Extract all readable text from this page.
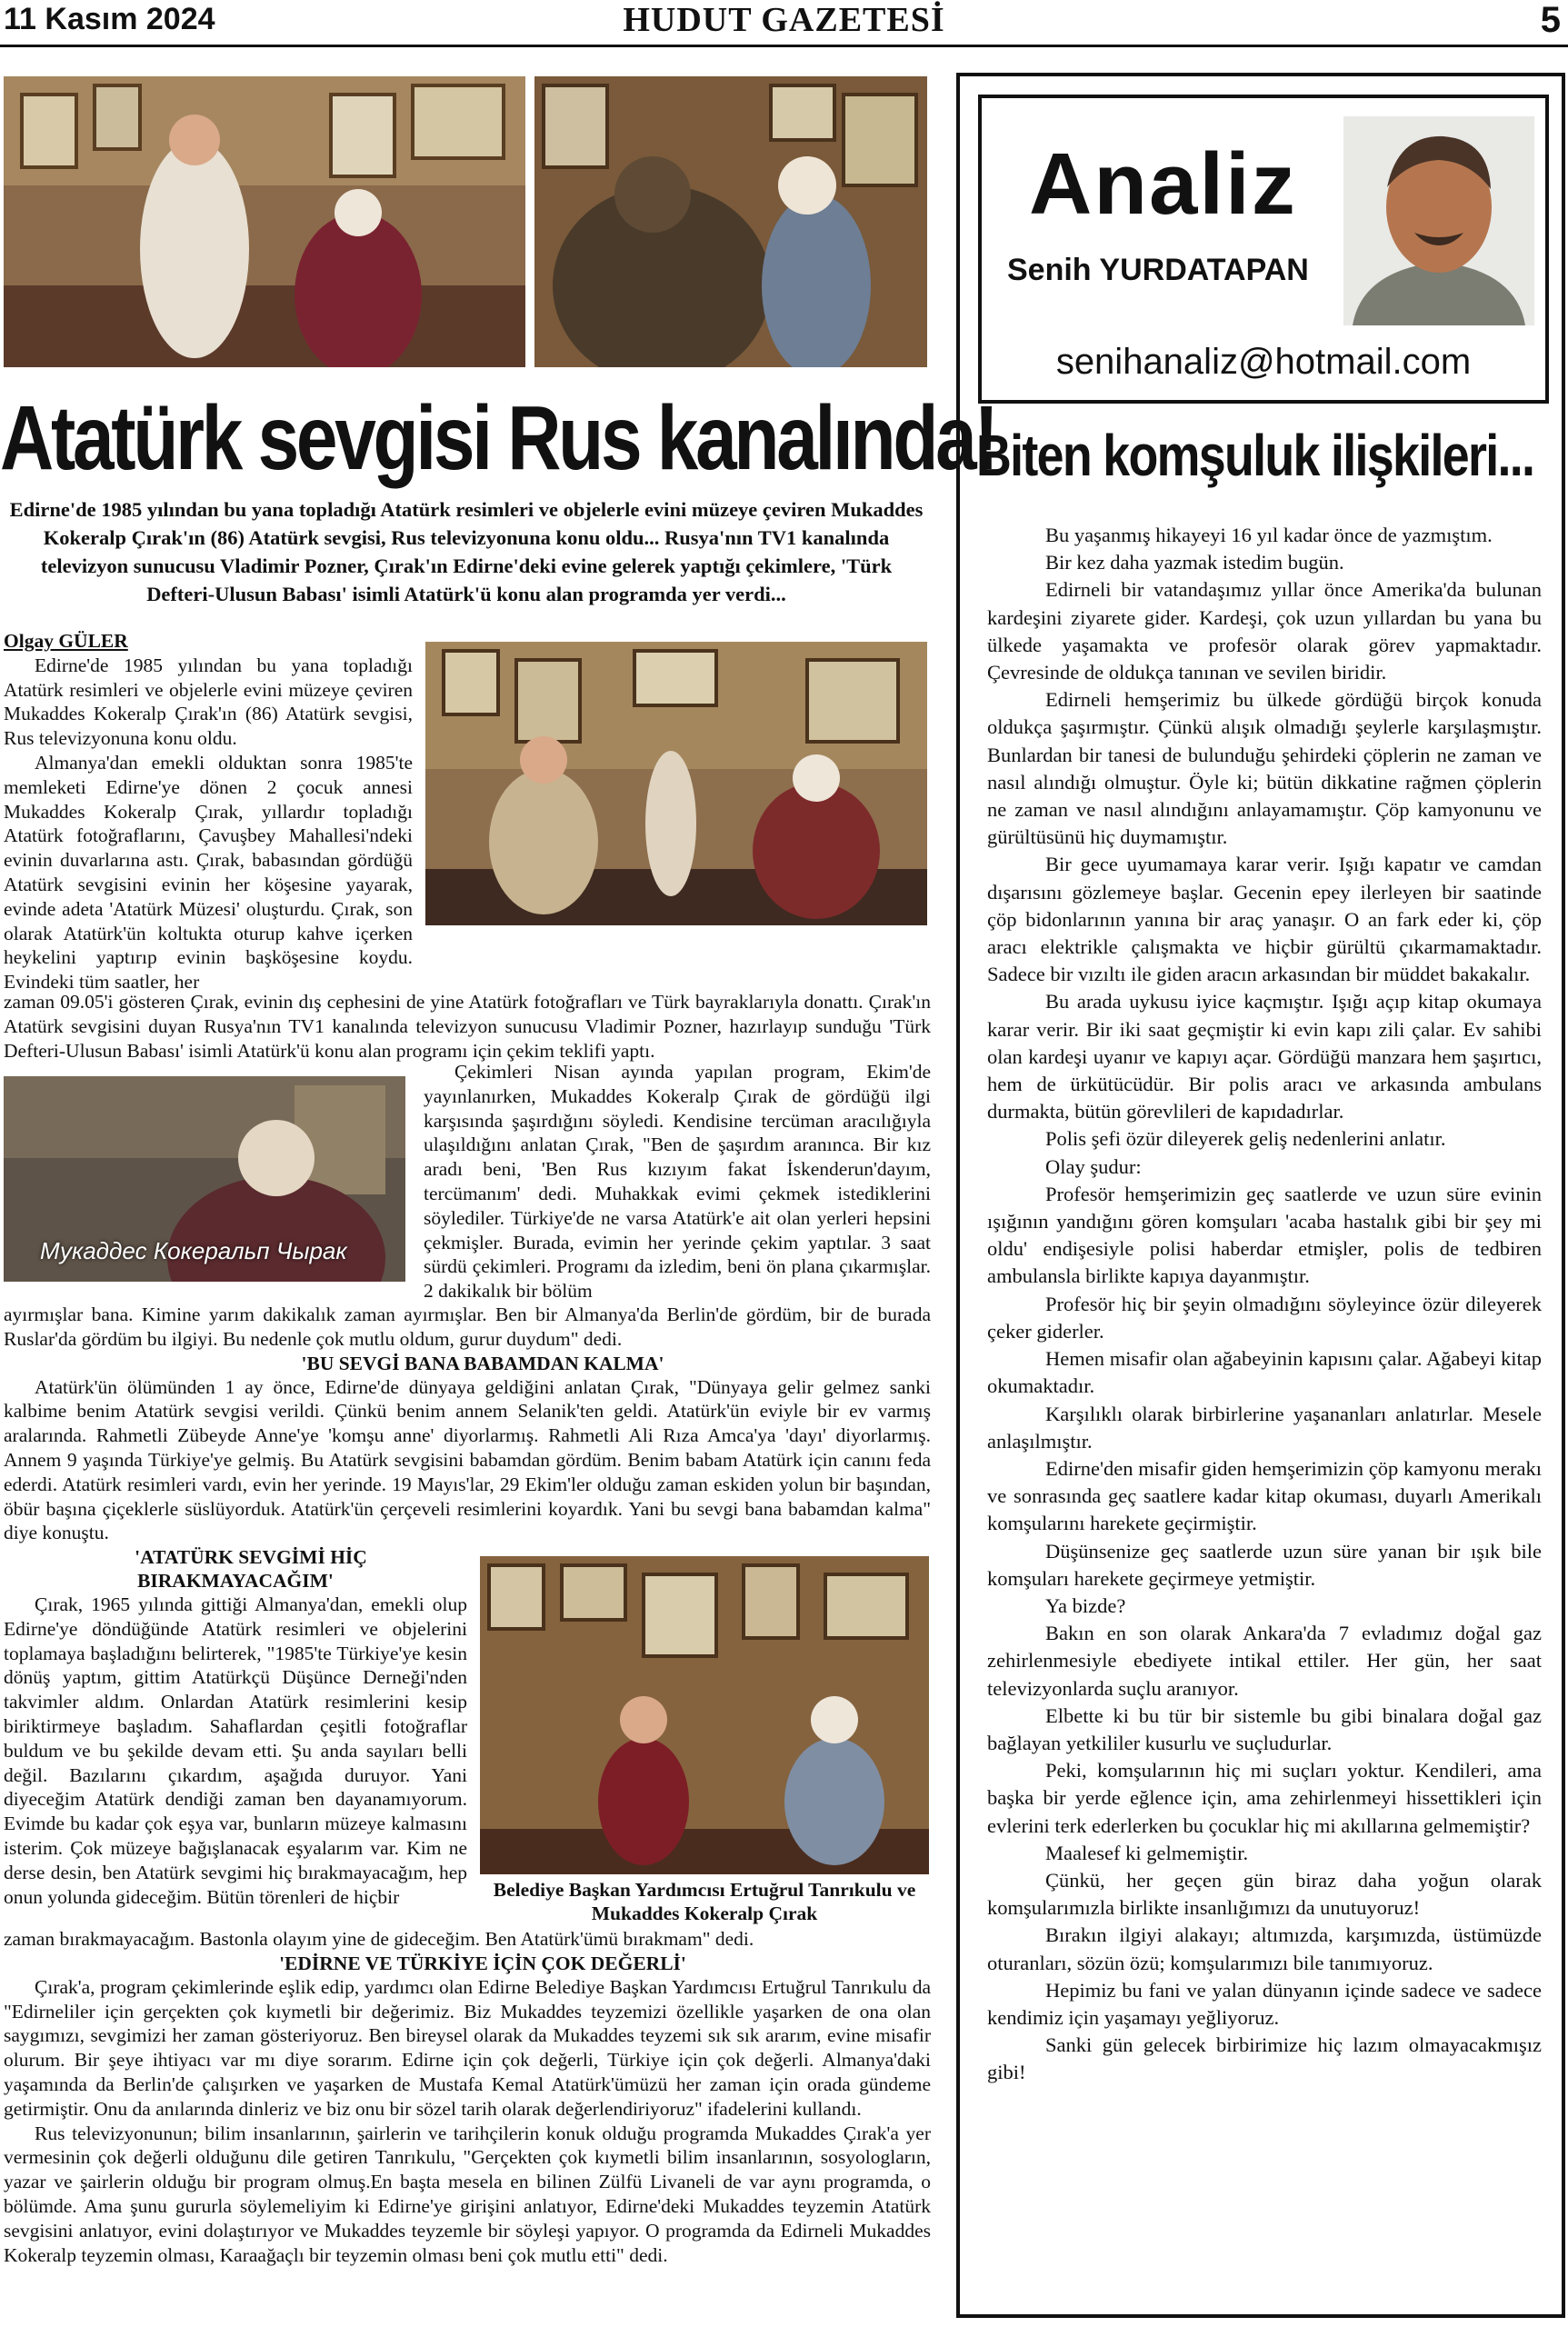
11 Kasım 2024	HUDUT GAZETESİ	5
Atatürk sevgisi Rus kanalında!
Edirne'de 1985 yılından bu yana topladığı Atatürk resimleri ve objelerle evini müzeye çeviren Mukaddes Kokeralp Çırak'ın (86) Atatürk sevgisi, Rus televizyonuna konu oldu... Rusya'nın TV1 kanalında televizyon sunucusu Vladimir Pozner, Çırak'ın Edirne'deki evine gelerek yaptığı çekimlere, 'Türk Defteri-Ulusun Babası' isimli Atatürk'ü konu alan programda yer verdi...

Olgay GÜLER

Edirne'de 1985 yılından bu yana topladığı Atatürk resimleri ve objelerle evini müzeye çeviren Mukaddes Kokeralp Çırak'ın (86) Atatürk sevgisi, Rus televizyonuna konu oldu.

Almanya'dan emekli olduktan sonra 1985'te memleketi Edirne'ye dönen 2 çocuk annesi Mukaddes Kokeralp Çırak, yıllardır topladığı Atatürk fotoğraflarını, Çavuşbey Mahallesi'ndeki evinin duvarlarına astı. Çırak, babasından gördüğü Atatürk sevgisini evinin her köşesine yayarak, evinde adeta 'Atatürk Müzesi' oluşturdu. Çırak, son olarak Atatürk'ün koltukta oturup kahve içerken heykelini yaptırıp evinin başköşesine koydu. Evindeki tüm saatler, her

zaman 09.05'i gösteren Çırak, evinin dış cephesini de yine Atatürk fotoğrafları ve Türk bayraklarıyla donattı. Çırak'ın Atatürk sevgisini duyan Rusya'nın TV1 kanalında televizyon sunucusu Vladimir Pozner, hazırlayıp sunduğu 'Türk Defteri-Ulusun Babası' isimli Atatürk'ü konu alan programı için çekim teklifi yaptı.

Мукаддес Кокеральп Чырак

Çekimleri Nisan ayında yapılan program, Ekim'de yayınlanırken, Mukaddes Kokeralp Çırak de gördüğü ilgi karşısında şaşırdığını söyledi. Kendisine tercüman aracılığıyla ulaşıldığını anlatan Çırak, "Ben de şaşırdım aranınca. Bir kız aradı beni, 'Ben Rus kızıyım fakat İskenderun'dayım, tercümanım' dedi. Muhakkak evimi çekmek istediklerini söylediler. Türkiye'de ne varsa Atatürk'e ait olan yerleri hepsini çekmişler. Burada, evimin her yerinde çekim yaptılar. 3 saat sürdü çekimleri. Programı da izledim, beni ön plana çıkarmışlar. 2 dakikalık bir bölüm

ayırmışlar bana. Kimine yarım dakikalık zaman ayırmışlar. Ben bir Almanya'da Berlin'de gördüm, bir de burada Ruslar'da gördüm bu ilgiyi. Bu nedenle çok mutlu oldum, gurur duydum" dedi.

'BU SEVGİ BANA BABAMDAN KALMA'

Atatürk'ün ölümünden 1 ay önce, Edirne'de dünyaya geldiğini anlatan Çırak, "Dünyaya gelir gelmez sanki kalbime benim Atatürk sevgisi verildi. Çünkü benim annem Selanik'ten geldi. Atatürk'ün eviyle bir ev varmış aralarında. Rahmetli Zübeyde Anne'ye 'komşu anne' diyorlarmış. Rahmetli Ali Rıza Amca'ya 'dayı' diyorlarmış. Annem 9 yaşında Türkiye'ye gelmiş. Bu Atatürk sevgisini babamdan gördüm. Benim babam Atatürk için canını feda ederdi. Atatürk resimleri vardı, evin her yerinde. 19 Mayıs'lar, 29 Ekim'ler olduğu zaman eskiden yolun bir başından, öbür başına çiçeklerle süslüyorduk. Atatürk'ün çerçeveli resimlerini koyardık. Yani bu sevgi bana babamdan kalma" diye konuştu.

'ATATÜRK SEVGİMİ HİÇ BIRAKMAYACAĞIM'

Çırak, 1965 yılında gittiği Almanya'dan, emekli olup Edirne'ye döndüğünde Atatürk resimleri ve objelerini toplamaya başladığını belirterek, "1985'te Türkiye'ye kesin dönüş yaptım, gittim Atatürkçü Düşünce Derneği'nden takvimler aldım. Onlardan Atatürk resimlerini kesip biriktirmeye başladım. Sahaflardan çeşitli fotoğraflar buldum ve bu şekilde devam etti. Şu anda sayıları belli değil. Bazılarını çıkardım, aşağıda duruyor. Yani diyeceğim Atatürk dendiği zaman ben dayanamıyorum. Evimde bu kadar çok eşya var, bunların müzeye kalmasını isterim. Çok müzeye bağışlanacak eşyalarım var. Kim ne derse desin, ben Atatürk sevgimi hiç bırakmayacağım, hep onun yolunda gideceğim. Bütün törenleri de hiçbir	Belediye Başkan Yardımcısı Ertuğrul Tanrıkulu ve Mukaddes Kokeralp Çırak

zaman bırakmayacağım. Bastonla olayım yine de gideceğim. Ben Atatürk'ümü bırakmam" dedi.

'EDİRNE VE TÜRKİYE İÇİN ÇOK DEĞERLİ'

Çırak'a, program çekimlerinde eşlik edip, yardımcı olan Edirne Belediye Başkan Yardımcısı Ertuğrul Tanrıkulu da "Edirneliler için gerçekten çok kıymetli bir değerimiz. Biz Mukaddes teyzemizi özellikle yaşarken de ona olan saygımızı, sevgimizi her zaman gösteriyoruz. Ben bireysel olarak da Mukaddes teyzemi sık sık ararım, evine misafir olurum. Bir şeye ihtiyacı var mı diye sorarım. Edirne için çok değerli, Türkiye için çok değerli. Almanya'daki yaşamında da Berlin'de çalışırken ve yaşarken de Mustafa Kemal Atatürk'ümüzü her zaman için orada gündeme getirmiştir. Onu da anılarında dinleriz ve biz onu bir sözel tarih olarak değerlendiriyoruz" ifadelerini kullandı.

Rus televizyonunun; bilim insanlarının, şairlerin ve tarihçilerin konuk olduğu programda Mukaddes Çırak'a yer vermesinin çok değerli olduğunu dile getiren Tanrıkulu, "Gerçekten çok kıymetli bilim insanlarının, sosyologların, yazar ve şairlerin olduğu bir program olmuş.En başta mesela en bilinen Zülfü Livaneli de var aynı programda, o bölümde. Ama şunu gururla söylemeliyim ki Edirne'ye girişini anlatıyor, Edirne'deki Mukaddes teyzemin Atatürk sevgisini anlatıyor, evini dolaştırıyor ve Mukaddes teyzemle bir söyleşi yapıyor. O programda da Edirneli Mukaddes Kokeralp teyzemin olması, Karaağaçlı bir teyzemin olması beni çok mutlu etti" dedi.

Analiz
Senih YURDATAPAN
senihanaliz@hotmail.com
Biten komşuluk ilişkileri...

Bu yaşanmış hikayeyi 16 yıl kadar önce de yazmıştım.

Bir kez daha yazmak istedim bugün.

Edirneli bir vatandaşımız yıllar önce Amerika'da bulunan kardeşini ziyarete gider. Kardeşi, çok uzun yıllardan bu yana bu ülkede yaşamakta ve profesör olarak görev yapmaktadır. Çevresinde de oldukça tanınan ve sevilen biridir.

Edirneli hemşerimiz bu ülkede gördüğü birçok konuda oldukça şaşırmıştır. Çünkü alışık olmadığı şeylerle karşılaşmıştır. Bunlardan bir tanesi de bulunduğu şehirdeki çöplerin ne zaman ve nasıl alındığı olmuştur. Öyle ki; bütün dikkatine rağmen çöplerin ne zaman ve nasıl alındığını anlayamamıştır. Çöp kamyonunu ve gürültüsünü hiç duymamıştır.

Bir gece uyumamaya karar verir. Işığı kapatır ve camdan dışarısını gözlemeye başlar. Gecenin epey ilerleyen bir saatinde çöp bidonlarının yanına bir araç yanaşır. O an fark eder ki, çöp aracı elektrikle çalışmakta ve hiçbir gürültü çıkarmamaktadır. Sadece bir vızıltı ile giden aracın arkasından bir müddet bakakalır.

Bu arada uykusu iyice kaçmıştır. Işığı açıp kitap okumaya karar verir. Bir iki saat geçmiştir ki evin kapı zili çalar. Ev sahibi olan kardeşi uyanır ve kapıyı açar. Gördüğü manzara hem şaşırtıcı, hem de ürkütücüdür. Bir polis aracı ve arkasında ambulans durmakta, bütün görevlileri de kapıdadırlar.

Polis şefi özür dileyerek geliş nedenlerini anlatır.

Olay şudur:

Profesör hemşerimizin geç saatlerde ve uzun süre evinin ışığının yandığını gören komşuları 'acaba hastalık gibi bir şey mi oldu' endişesiyle polisi haberdar etmişler, polis de tedbiren ambulansla birlikte kapıya dayanmıştır.

Profesör hiç bir şeyin olmadığını söyleyince özür dileyerek çeker giderler.

Hemen misafir olan ağabeyinin kapısını çalar. Ağabeyi kitap okumaktadır.

Karşılıklı olarak birbirlerine yaşananları anlatırlar. Mesele anlaşılmıştır.

Edirne'den misafir giden hemşerimizin çöp kamyonu merakı ve sonrasında geç saatlere kadar kitap okuması, duyarlı Amerikalı komşularını harekete geçirmiştir.

Düşünsenize geç saatlerde uzun süre yanan bir ışık bile komşuları harekete geçirmeye yetmiştir.

Ya bizde?

Bakın en son olarak Ankara'da 7 evladımız doğal gaz zehirlenmesiyle ebediyete intikal ettiler. Her gün, her saat televizyonlarda suçlu aranıyor.

Elbette ki bu tür bir sistemle bu gibi binalara doğal gaz bağlayan yetkililer kusurlu ve suçludurlar.

Peki, komşularının hiç mi suçları yoktur. Kendileri, ama başka bir yerde eğlence için, ama zehirlenmeyi hissettikleri için evlerini terk ederlerken bu çocuklar hiç mi akıllarına gelmemiştir?

Maalesef ki gelmemiştir.

Çünkü, her geçen gün biraz daha yoğun olarak komşularımızla birlikte insanlığımızı da unutuyoruz!

Bırakın ilgiyi alakayı; altımızda, karşımızda, üstümüzde oturanları, sözün özü; komşularımızı bile tanımıyoruz.

Hepimiz bu fani ve yalan dünyanın içinde sadece ve sadece kendimiz için yaşamayı yeğliyoruz.

Sanki gün gelecek birbirimize hiç lazım olmayacakmışız gibi!
